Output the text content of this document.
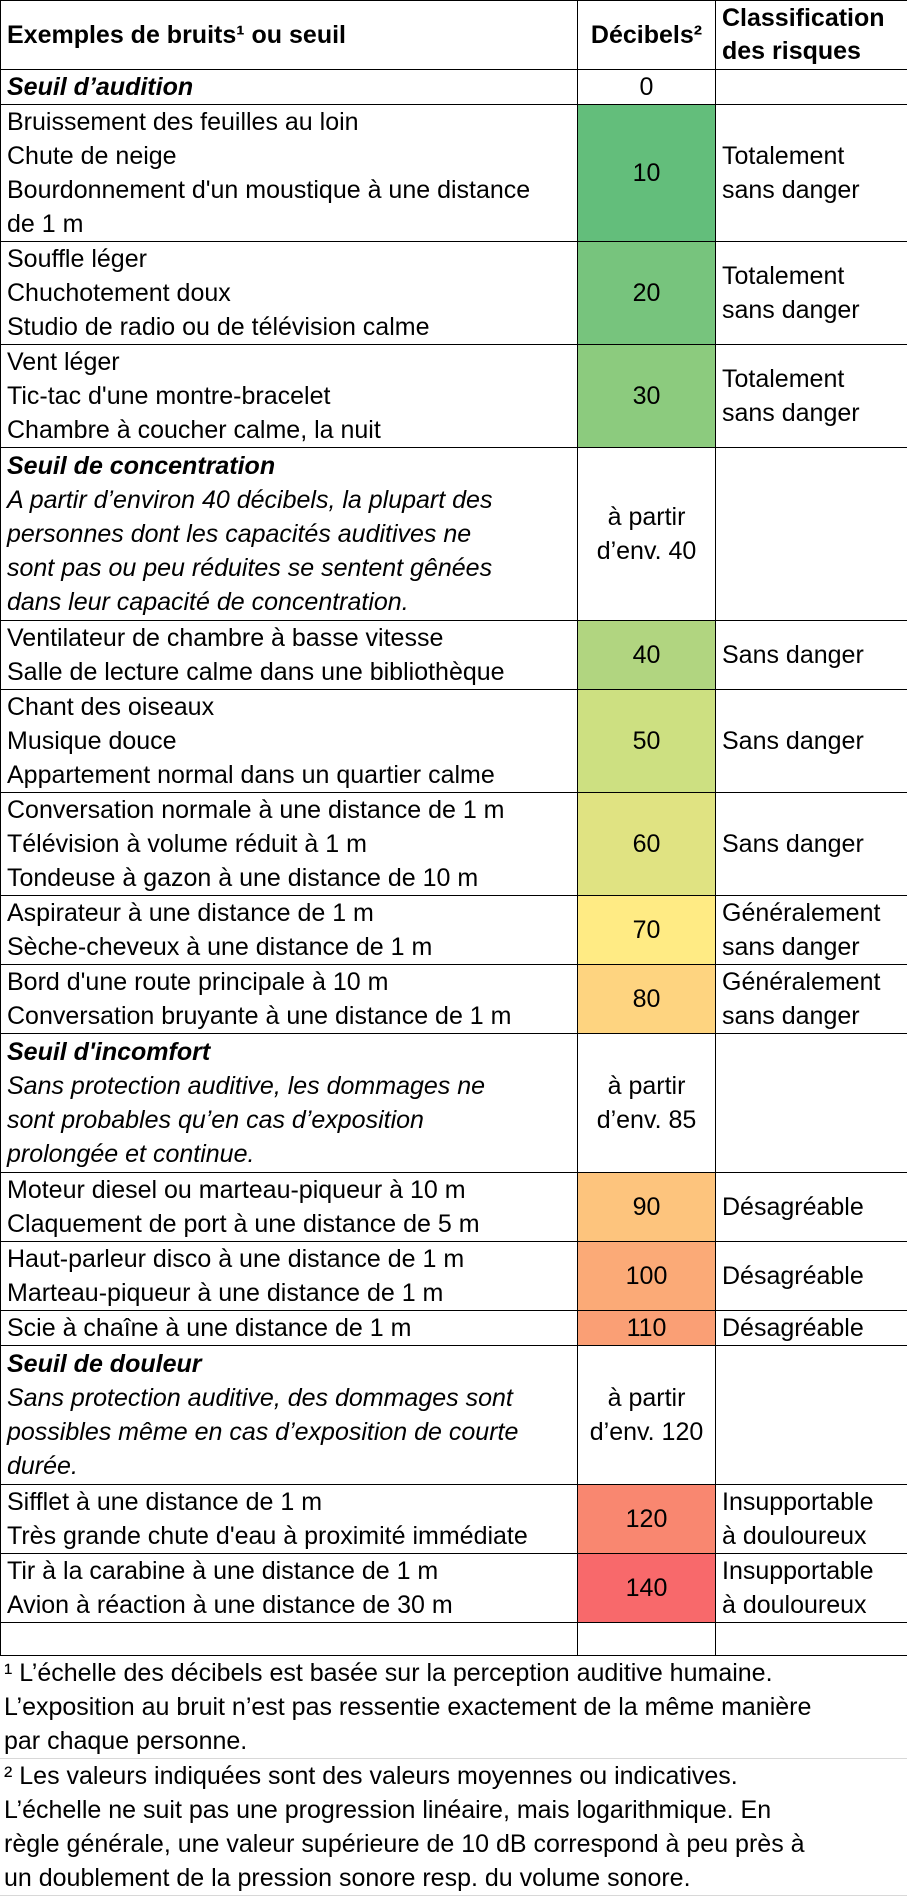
Exemples de bruits¹ ou seuil	Décibels²	Classification
des risques

Seuil d’audition	0	

Bruissement des feuilles au loin
Chute de neige
Bourdonnement d'un moustique à une distance
de 1 m	10	Totalement
sans danger

Souffle léger
Chuchotement doux
Studio de radio ou de télévision calme	20	Totalement
sans danger

Vent léger
Tic-tac d'une montre-bracelet
Chambre à coucher calme, la nuit	30	Totalement
sans danger

Seuil de concentration
A partir d’environ 40 décibels, la plupart des
personnes dont les capacités auditives ne
sont pas ou peu réduites se sentent gênées
dans leur capacité de concentration.	à partir
d’env. 40	

Ventilateur de chambre à basse vitesse
Salle de lecture calme dans une bibliothèque	40	Sans danger

Chant des oiseaux
Musique douce
Appartement normal dans un quartier calme	50	Sans danger

Conversation normale à une distance de 1 m
Télévision à volume réduit à 1 m
Tondeuse à gazon à une distance de 10 m	60	Sans danger

Aspirateur à une distance de 1 m
Sèche-cheveux à une distance de 1 m	70	Généralement
sans danger

Bord d'une route principale à 10 m
Conversation bruyante à une distance de 1 m	80	Généralement
sans danger

Seuil d'incomfort
Sans protection auditive, les dommages ne
sont probables qu’en cas d’exposition
prolongée et continue.	à partir
d’env. 85	

Moteur diesel ou marteau-piqueur à 10 m
Claquement de port à une distance de 5 m	90	Désagréable

Haut-parleur disco à une distance de 1 m
Marteau-piqueur à une distance de 1 m	100	Désagréable

Scie à chaîne à une distance de 1 m	110	Désagréable

Seuil de douleur
Sans protection auditive, des dommages sont
possibles même en cas d’exposition de courte
durée.	à partir
d’env. 120	

Sifflet à une distance de 1 m
Très grande chute d'eau à proximité immédiate	120	Insupportable
à douloureux

Tir à la carabine à une distance de 1 m
Avion à réaction à une distance de 30 m	140	Insupportable
à douloureux

¹ L’échelle des décibels est basée sur la perception auditive humaine.
L’exposition au bruit n’est pas ressentie exactement de la même manière
par chaque personne.
² Les valeurs indiquées sont des valeurs moyennes ou indicatives.
L’échelle ne suit pas une progression linéaire, mais logarithmique. En
règle générale, une valeur supérieure de 10 dB correspond à peu près à
un doublement de la pression sonore resp. du volume sonore.
